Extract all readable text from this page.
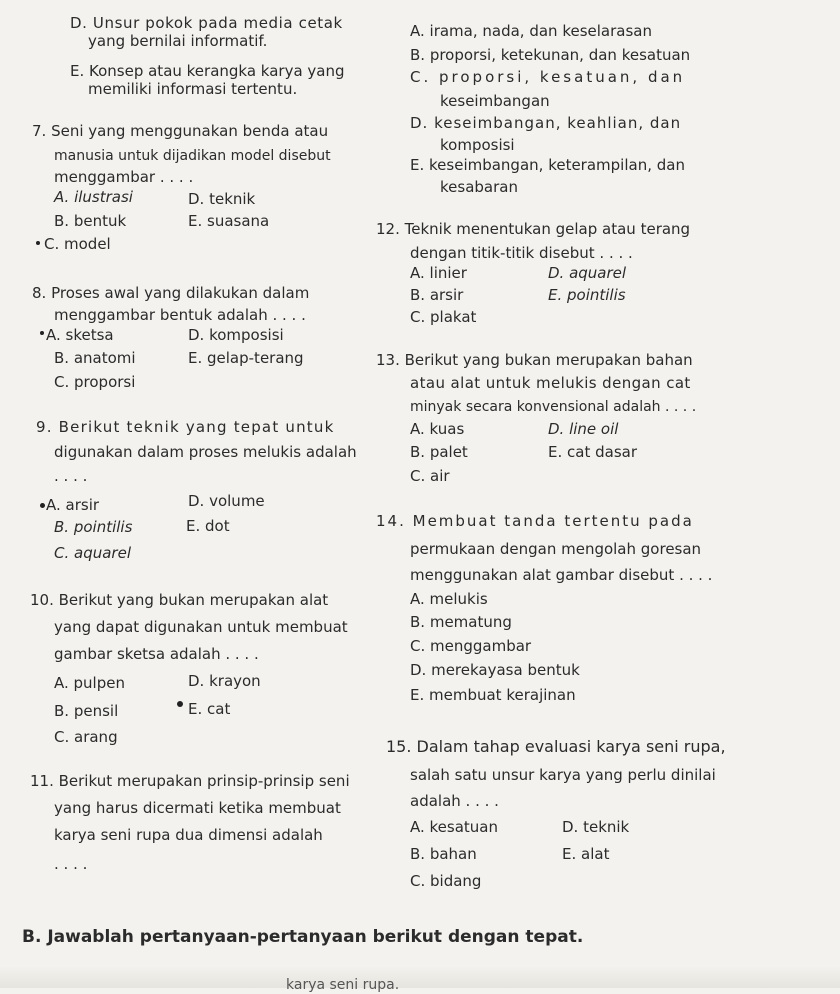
D. Unsur pokok pada media cetak
yang bernilai informatif.
E. Konsep atau kerangka karya yang
memiliki informasi tertentu.
7. Seni yang menggunakan benda atau
manusia untuk dijadikan model disebut
menggambar . . . .
A. ilustrasi	D. teknik
B. bentuk	E. suasana
C. model
8. Proses awal yang dilakukan dalam
menggambar bentuk adalah . . . .
A. sketsa	D. komposisi
B. anatomi	E. gelap-terang
C. proporsi
9. Berikut teknik yang tepat untuk
digunakan dalam proses melukis adalah
. . . .
A. arsir	D. volume
B. pointilis	E. dot
C. aquarel
10. Berikut yang bukan merupakan alat
yang dapat digunakan untuk membuat
gambar sketsa adalah . . . .
A. pulpen	D. krayon
B. pensil	E. cat
C. arang
11. Berikut merupakan prinsip-prinsip seni
yang harus dicermati ketika membuat
karya seni rupa dua dimensi adalah
. . . .
B. Jawablah pertanyaan-pertanyaan berikut dengan tepat.
karya seni rupa.
A. irama, nada, dan keselarasan
B. proporsi, ketekunan, dan kesatuan
C. proporsi, kesatuan, dan
keseimbangan
D. keseimbangan, keahlian, dan
komposisi
E. keseimbangan, keterampilan, dan
kesabaran
12. Teknik menentukan gelap atau terang
dengan titik-titik disebut . . . .
A. linier	D. aquarel
B. arsir	E. pointilis
C. plakat
13. Berikut yang bukan merupakan bahan
atau alat untuk melukis dengan cat
minyak secara konvensional adalah . . . .
A. kuas	D. line oil
B. palet	E. cat dasar
C. air
14. Membuat tanda tertentu pada
permukaan dengan mengolah goresan
menggunakan alat gambar disebut . . . .
A. melukis
B. mematung
C. menggambar
D. merekayasa bentuk
E. membuat kerajinan
15. Dalam tahap evaluasi karya seni rupa,
salah satu unsur karya yang perlu dinilai
adalah . . . .
A. kesatuan	D. teknik
B. bahan	E. alat
C. bidang
